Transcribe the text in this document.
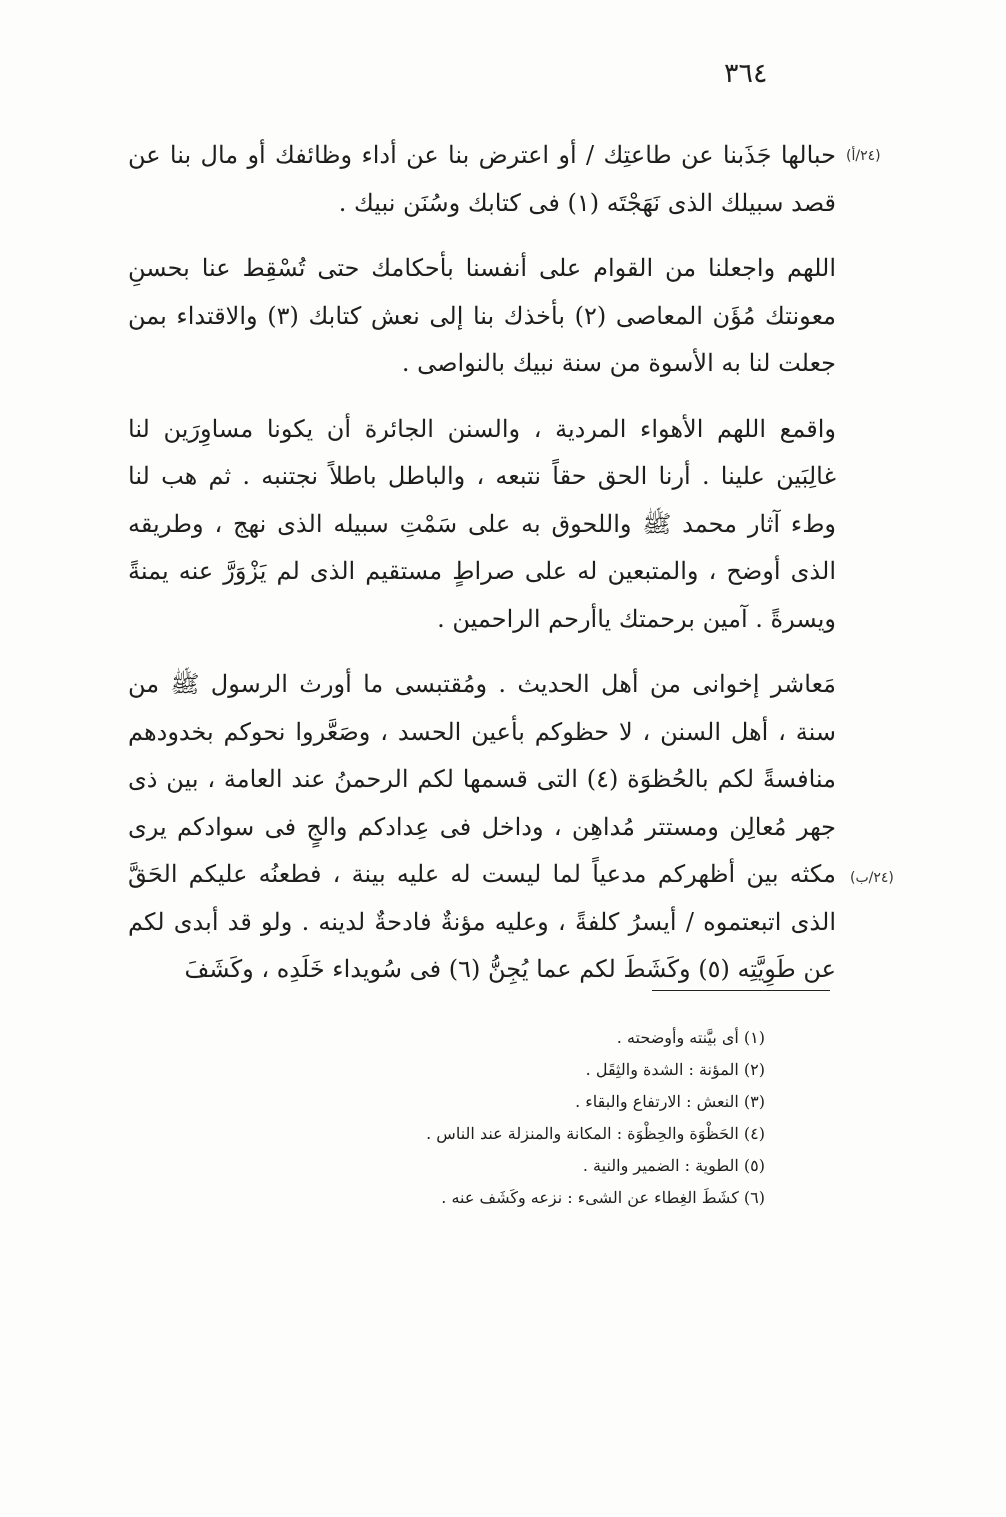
٣٦٤
(٢٤/أ)
(٢٤/ب)

حبالها جَذَبنا عن طاعتِك / أو اعترض بنا عن أداء وظائفك أو مال بنا عن قصد سبيلك الذى نَهَجْتَه (١) فى كتابك وسُنَن نبيك .

اللهم واجعلنا من القوام على أنفسنا بأحكامك حتى تُسْقِط عنا بحسنِ معونتك مُؤَن المعاصى (٢) بأخذك بنا إلى نعش كتابك (٣) والاقتداء بمن جعلت لنا به الأسوة من سنة نبيك بالنواصى .

واقمع اللهم الأهواء المردية ، والسنن الجائرة أن يكونا مساوِرَين لنا غالِبَين علينا . أرنا الحق حقاً نتبعه ، والباطل باطلاً نجتنبه . ثم هب لنا وطء آثار محمد ﷺ واللحوق به على سَمْتِ سبيله الذى نهج ، وطريقه الذى أوضح ، والمتبعين له على صراطٍ مستقيم الذى لم يَزْوَرَّ عنه يمنةً ويسرةً . آمين برحمتك ياأرحم الراحمين .

مَعاشر إخوانى من أهل الحديث . ومُقتبسى ما أورث الرسول ﷺ من سنة ، أهل السنن ، لا حظوكم بأعين الحسد ، وصَعَّروا نحوكم بخدودهم منافسةً لكم بالحُظوَة (٤) التى قسمها لكم الرحمنُ عند العامة ، بين ذى جهر مُعالِن ومستتر مُداهِن ، وداخل فى عِدادكم والجٍ فى سوادكم يرى مكثه بين أظهركم مدعياً لما ليست له عليه بينة ، فطعنُه عليكم الحَقَّ الذى اتبعتموه / أيسرُ كلفةً ، وعليه مؤنةٌ فادحةٌ لدينه . ولو قد أبدى لكم عن طَوِيَّتِه (٥) وكَشَطَ لكم عما يُجِنُّ (٦) فى سُويداء خَلَدِه ، وكَشَفَ

(١) أى بيَّنته وأوضحته .
(٢) المؤنة : الشدة والثِقَل .
(٣) النعش : الارتفاع والبقاء .
(٤) الحَظْوَة والحِظْوَة : المكانة والمنزلة عند الناس .
(٥) الطوية : الضمير والنية .
(٦) كشَطَ الغِطاء عن الشىء : نزعه وكَشَف عنه .
